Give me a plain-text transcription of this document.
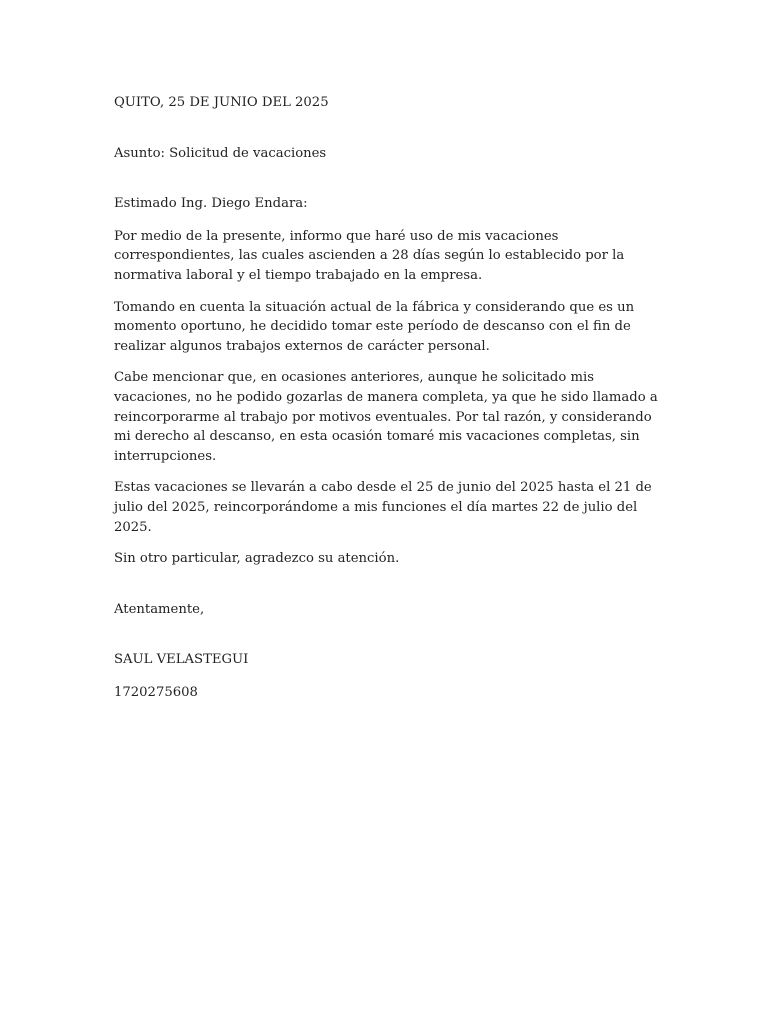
QUITO, 25 DE JUNIO DEL 2025

Asunto: Solicitud de vacaciones

Estimado Ing. Diego Endara:

Por medio de la presente, informo que haré uso de mis vacaciones correspondientes, las cuales ascienden a 28 días según lo establecido por la normativa laboral y el tiempo trabajado en la empresa.

Tomando en cuenta la situación actual de la fábrica y considerando que es un momento oportuno, he decidido tomar este período de descanso con el fin de realizar algunos trabajos externos de carácter personal.

Cabe mencionar que, en ocasiones anteriores, aunque he solicitado mis vacaciones, no he podido gozarlas de manera completa, ya que he sido llamado a reincorporarme al trabajo por motivos eventuales. Por tal razón, y considerando mi derecho al descanso, en esta ocasión tomaré mis vacaciones completas, sin interrupciones.

Estas vacaciones se llevarán a cabo desde el 25 de junio del 2025 hasta el 21 de julio del 2025, reincorporándome a mis funciones el día martes 22 de julio del 2025.

Sin otro particular, agradezco su atención.

Atentamente,

SAUL VELASTEGUI

1720275608
